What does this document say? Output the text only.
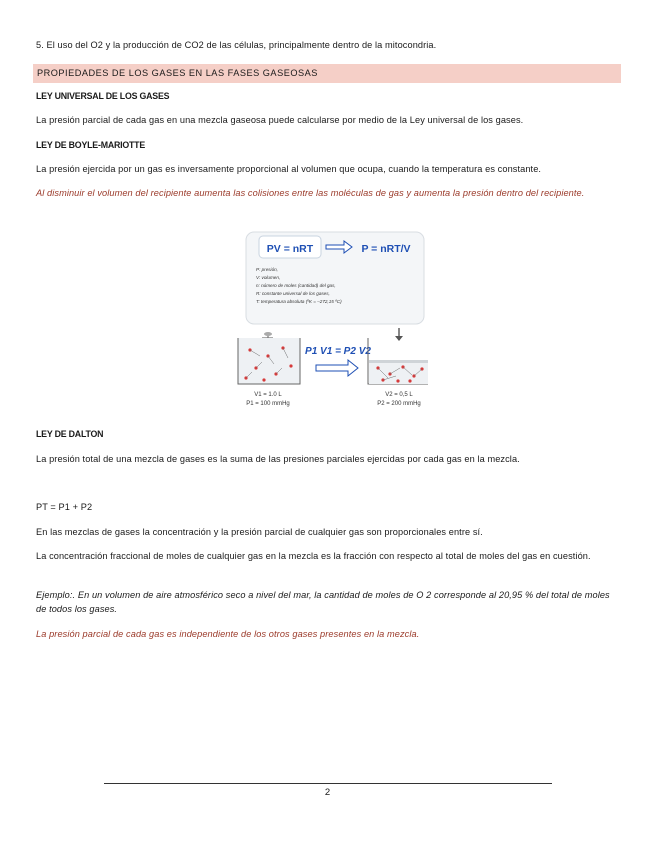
5. El uso del O2 y la producción de CO2 de las células, principalmente dentro de la mitocondria.
PROPIEDADES DE LOS GASES EN LAS FASES GASEOSAS
LEY UNIVERSAL DE LOS GASES
La presión parcial de cada gas en una mezcla gaseosa puede calcularse por medio de la Ley universal de los gases.
LEY DE BOYLE-MARIOTTE
La presión ejercida por un gas es inversamente proporcional al volumen que ocupa, cuando la temperatura es constante.
Al disminuir el volumen del recipiente aumenta las colisiones entre las moléculas de gas y aumenta la presión dentro del recipiente.
PV = nRT	P = nRT/V
P: presión,
V: volumen,
n: número de moles (cantidad) del gas,
R: constante universal de los gases,
T: temperatura absoluta (ºK = –272,15 ºC)
V1 = 1.0 L
P1 = 100 mmHg
P1 V1 = P2 V2
V2 = 0,5 L
P2 = 200 mmHg
LEY DE DALTON
La presión total de una mezcla de gases es la suma de las presiones parciales ejercidas por cada gas en la mezcla.
PT = P1 + P2
En las mezclas de gases la concentración y la presión parcial de cualquier gas son proporcionales entre sí.
La concentración fraccional de moles de cualquier gas en la mezcla es la fracción con respecto al total de moles del gas en cuestión.
Ejemplo:. En un volumen de aire atmosférico seco a nivel del mar, la cantidad de moles de O 2 corresponde al 20,95 % del total de moles de todos los gases.
La presión parcial de cada gas es independiente de los otros gases presentes en la mezcla.
2
